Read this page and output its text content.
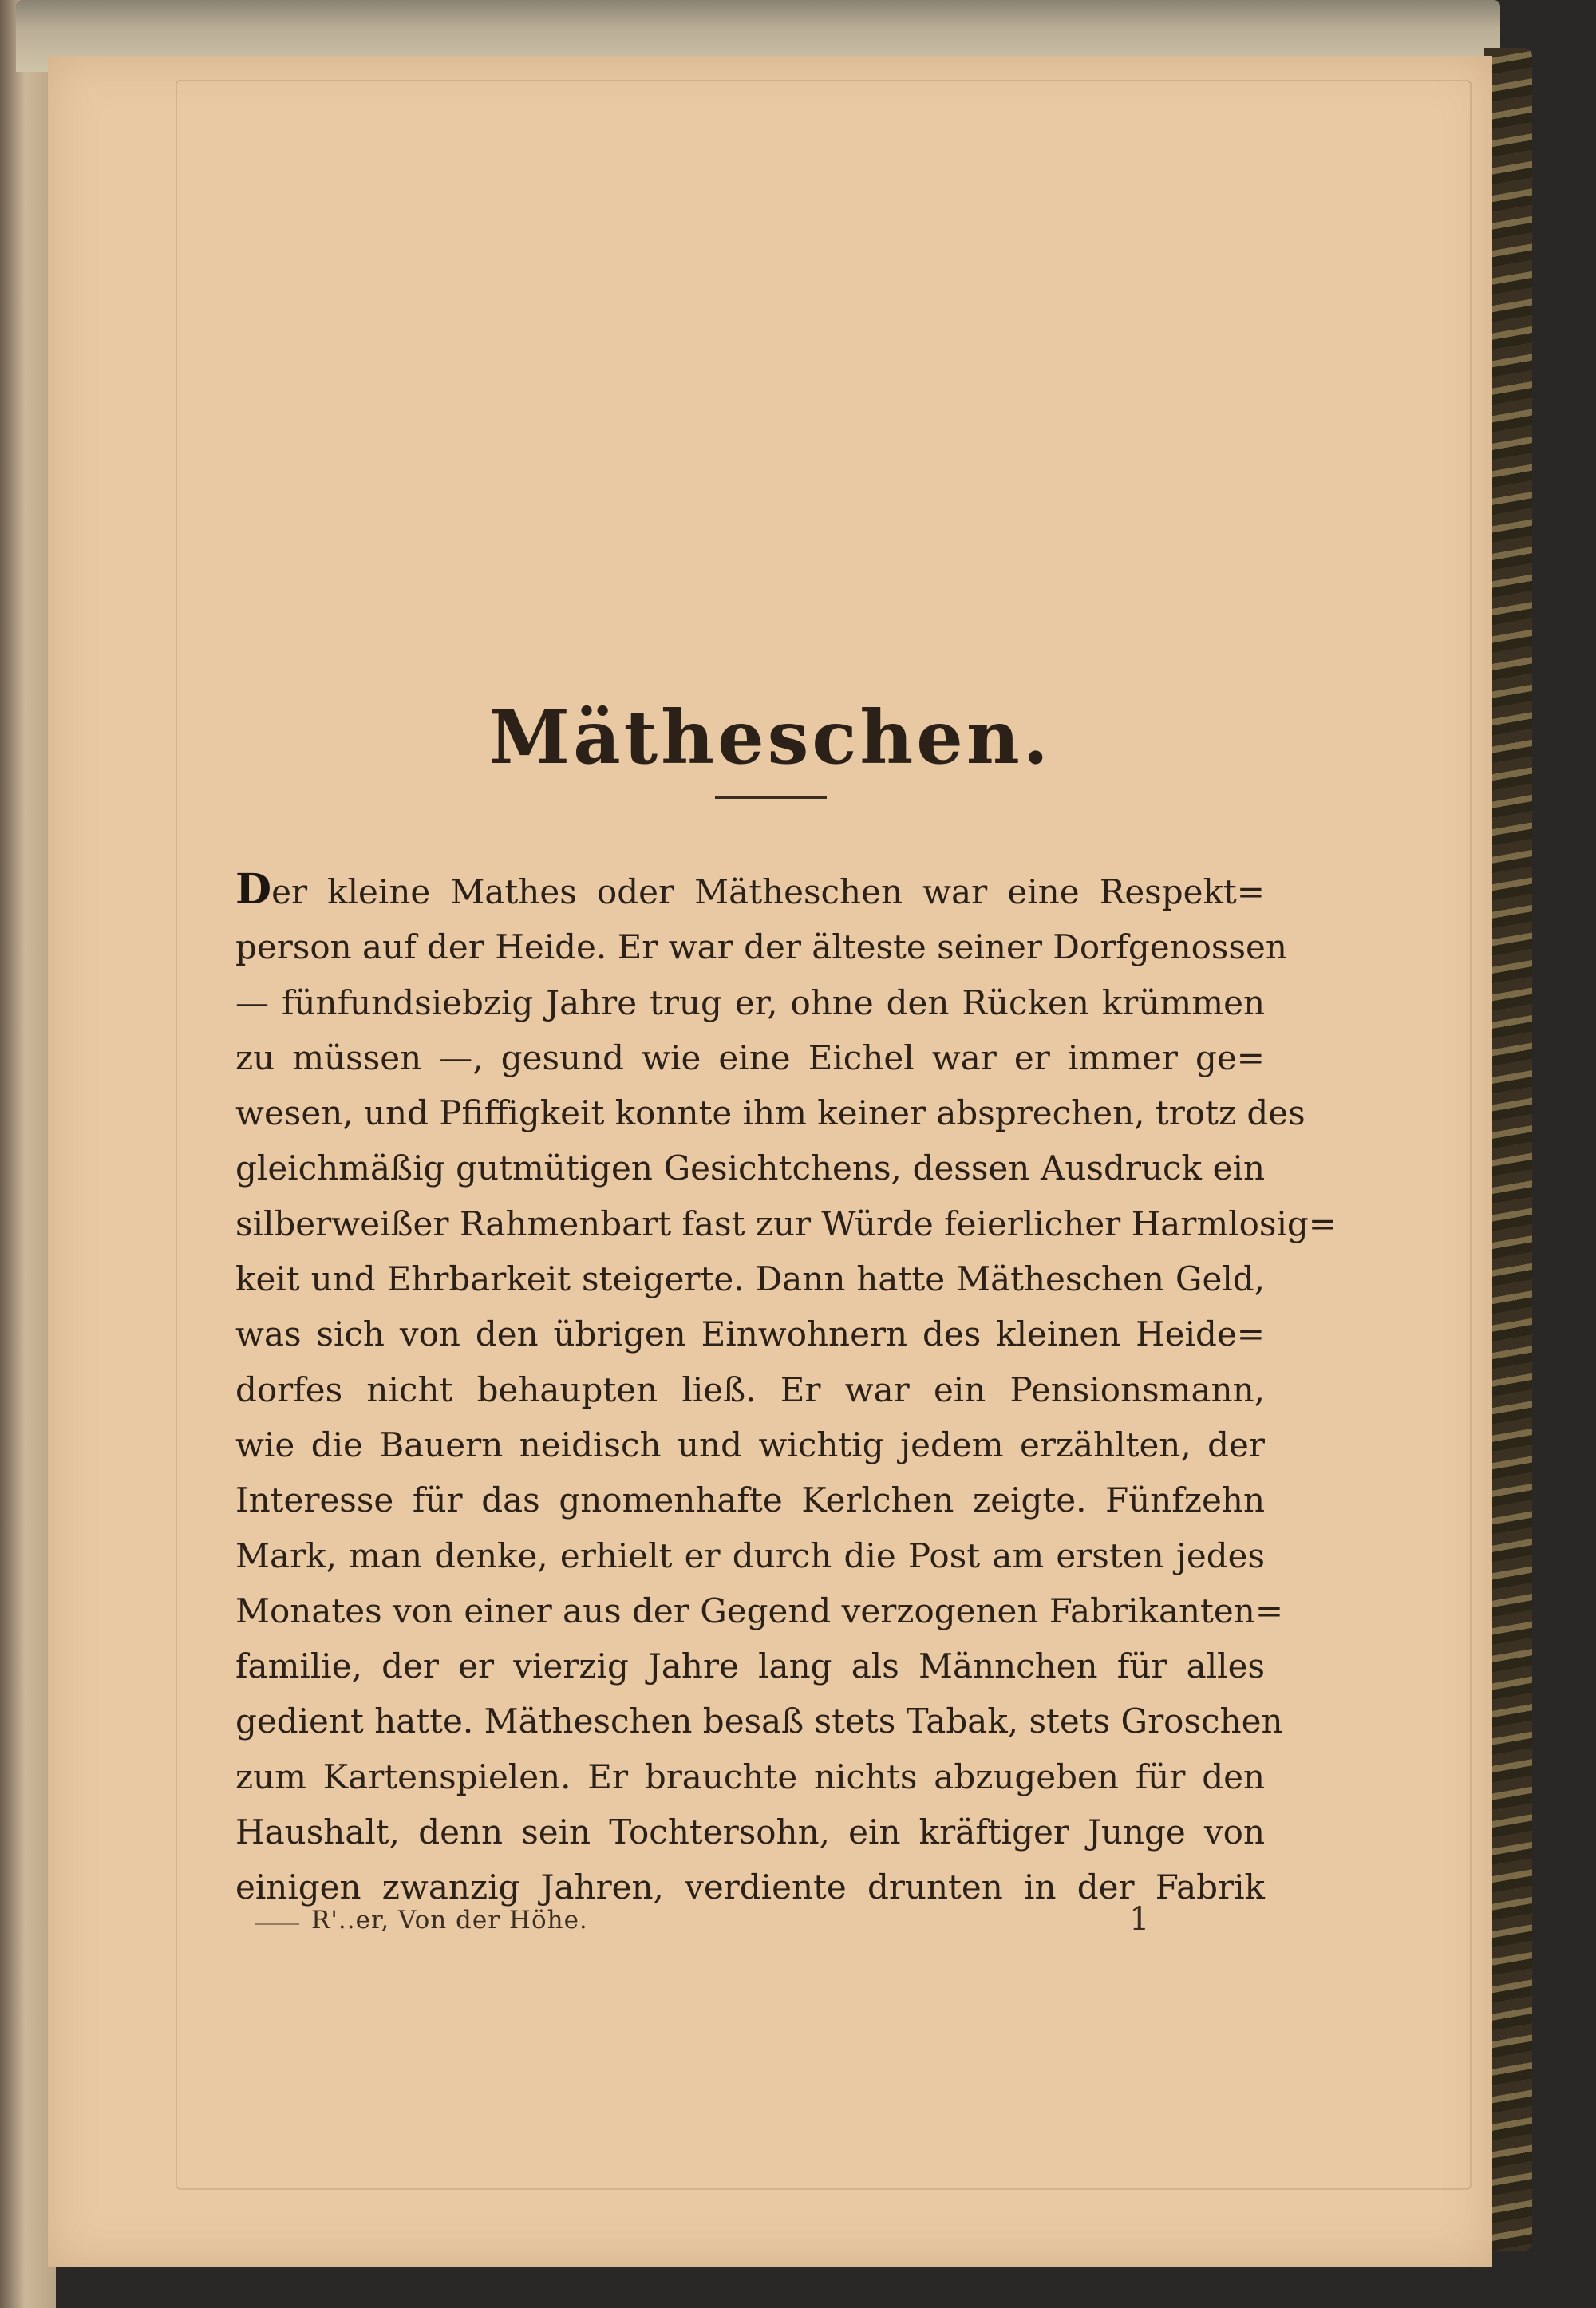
Mätheschen.
Der kleine Mathes oder Mätheschen war eine Respekt=
person auf der Heide. Er war der älteste seiner Dorfgenossen
— fünfundsiebzig Jahre trug er, ohne den Rücken krümmen
zu müssen —, gesund wie eine Eichel war er immer ge=
wesen, und Pfiffigkeit konnte ihm keiner absprechen, trotz des
gleichmäßig gutmütigen Gesichtchens, dessen Ausdruck ein
silberweißer Rahmenbart fast zur Würde feierlicher Harmlosig=
keit und Ehrbarkeit steigerte. Dann hatte Mätheschen Geld,
was sich von den übrigen Einwohnern des kleinen Heide=
dorfes nicht behaupten ließ. Er war ein Pensionsmann,
wie die Bauern neidisch und wichtig jedem erzählten, der
Interesse für das gnomenhafte Kerlchen zeigte. Fünfzehn
Mark, man denke, erhielt er durch die Post am ersten jedes
Monates von einer aus der Gegend verzogenen Fabrikanten=
familie, der er vierzig Jahre lang als Männchen für alles
gedient hatte. Mätheschen besaß stets Tabak, stets Groschen
zum Kartenspielen. Er brauchte nichts abzugeben für den
Haushalt, denn sein Tochtersohn, ein kräftiger Junge von
einigen zwanzig Jahren, verdiente drunten in der Fabrik
R'..er, Von der Höhe.	1
